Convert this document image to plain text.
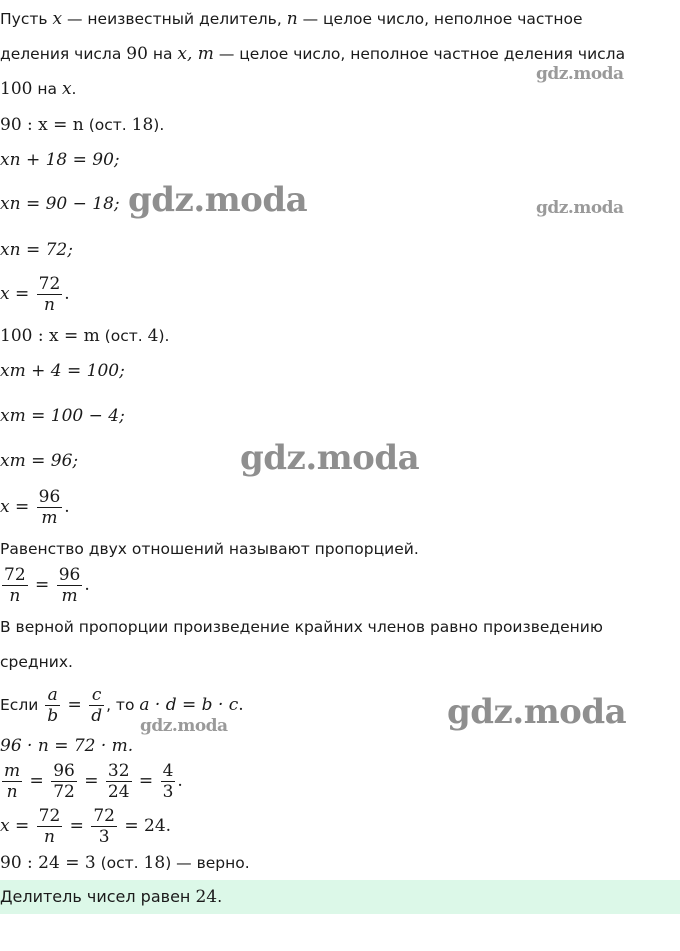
Пусть x — неизвестный делитель, n — целое число, неполное частное
деления числа 90 на x, m — целое число, неполное частное деления числа
100 на x.
gdz.moda
90 : x = n (ост. 18).
xn + 18 = 90;
xn = 90 − 18; gdz.moda	gdz.moda
xn = 72;
$x = \frac{72}{n}$ .
100 : x = m (ост. 4).
xm + 4 = 100;
xm = 100 − 4;
xm = 96;	gdz.moda
$x = \frac{96}{m}$ .
Равенство двух отношений называют пропорцией.
$\frac{72}{n} = \frac{96}{m}$ .
В верной пропорции произведение крайних членов равно произведению
средних.
Если $\frac{a}{b} = \frac{c}{d}$ , то a · d = b · c.
gdz.moda	gdz.moda
96 · n = 72 · m.
$\frac{m}{n} = \frac{96}{72} = \frac{32}{24} = \frac{4}{3}$ .
$x = \frac{72}{n} = \frac{72}{3} = 24$.
90 : 24 = 3 (ост. 18) — верно.
Делитель чисел равен 24.
